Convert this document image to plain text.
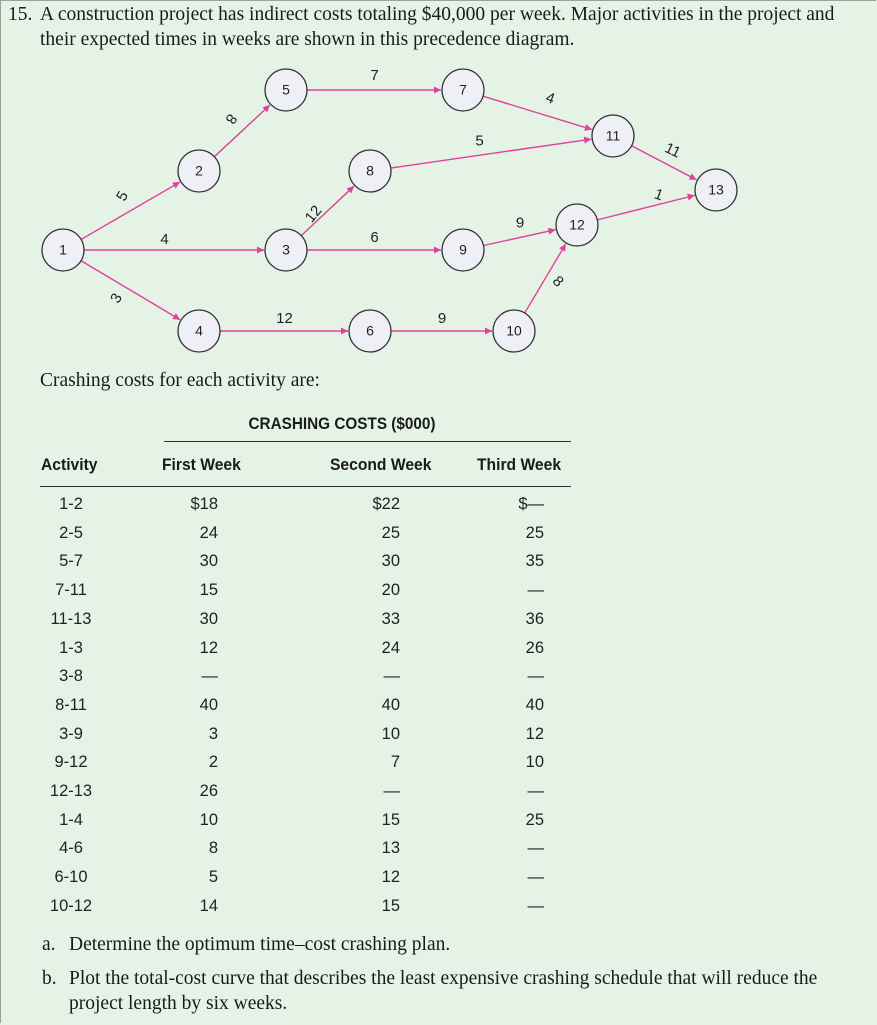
15. A construction project has indirect costs totaling $40,000 per week. Major activities in the project and their expected times in weeks are shown in this precedence diagram.
5
4
3
8
7
4
5
12
6
9
12	9
8
11
1
1
2
3
4
5
6
7
8
9
10
11
12
13
Crashing costs for each activity are:
CRASHING COSTS ($000)
Activity	First Week	Second Week	Third Week
1-2	$18	$22	$—
2-5	24	25	25
5-7	30	30	35
7-11	15	20	—
11-13	30	33	36
1-3	12	24	26
3-8	—	—	—
8-11	40	40	40
3-9	3	10	12
9-12	2	7	10
12-13	26	—	—
1-4	10	15	25
4-6	8	13	—
6-10	5	12	—
10-12	14	15	—
a. Determine the optimum time–cost crashing plan.
b. Plot the total-cost curve that describes the least expensive crashing schedule that will reduce the project length by six weeks.
